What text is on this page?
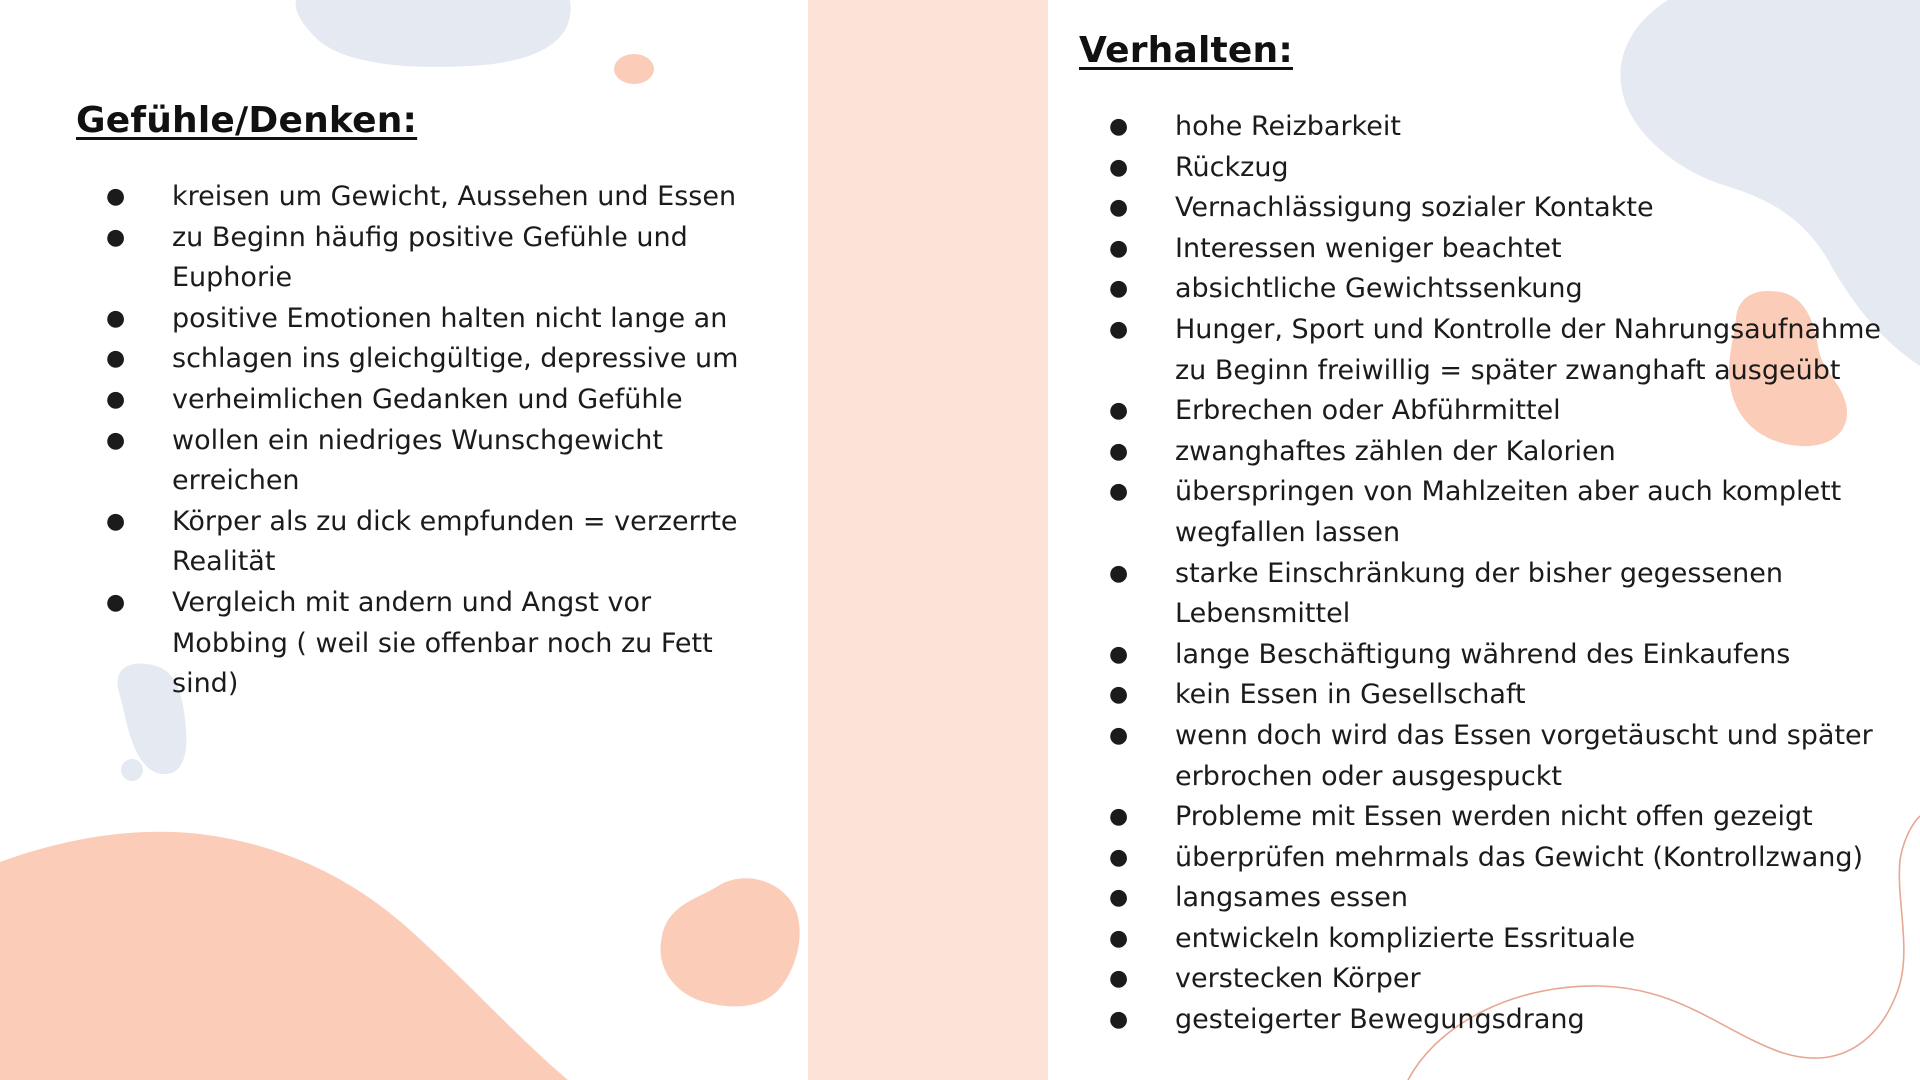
Gefühle/Denken:
● kreisen um Gewicht, Aussehen und Essen
● zu Beginn häufig positive Gefühle und Euphorie
● positive Emotionen halten nicht lange an
● schlagen ins gleichgültige, depressive um
● verheimlichen Gedanken und Gefühle
● wollen ein niedriges Wunschgewicht erreichen
● Körper als zu dick empfunden = verzerrte Realität
● Vergleich mit andern und Angst vor Mobbing ( weil sie offenbar noch zu Fett sind)
Verhalten:
● hohe Reizbarkeit
● Rückzug
● Vernachlässigung sozialer Kontakte
● Interessen weniger beachtet
● absichtliche Gewichtssenkung
● Hunger, Sport und Kontrolle der Nahrungsaufnahme zu Beginn freiwillig = später zwanghaft ausgeübt
● Erbrechen oder Abführmittel
● zwanghaftes zählen der Kalorien
● überspringen von Mahlzeiten aber auch komplett wegfallen lassen
● starke Einschränkung der bisher gegessenen Lebensmittel
● lange Beschäftigung während des Einkaufens
● kein Essen in Gesellschaft
● wenn doch wird das Essen vorgetäuscht und später erbrochen oder ausgespuckt
● Probleme mit Essen werden nicht offen gezeigt
● überprüfen mehrmals das Gewicht (Kontrollzwang)
● langsames essen
● entwickeln komplizierte Essrituale
● verstecken Körper
● gesteigerter Bewegungsdrang
